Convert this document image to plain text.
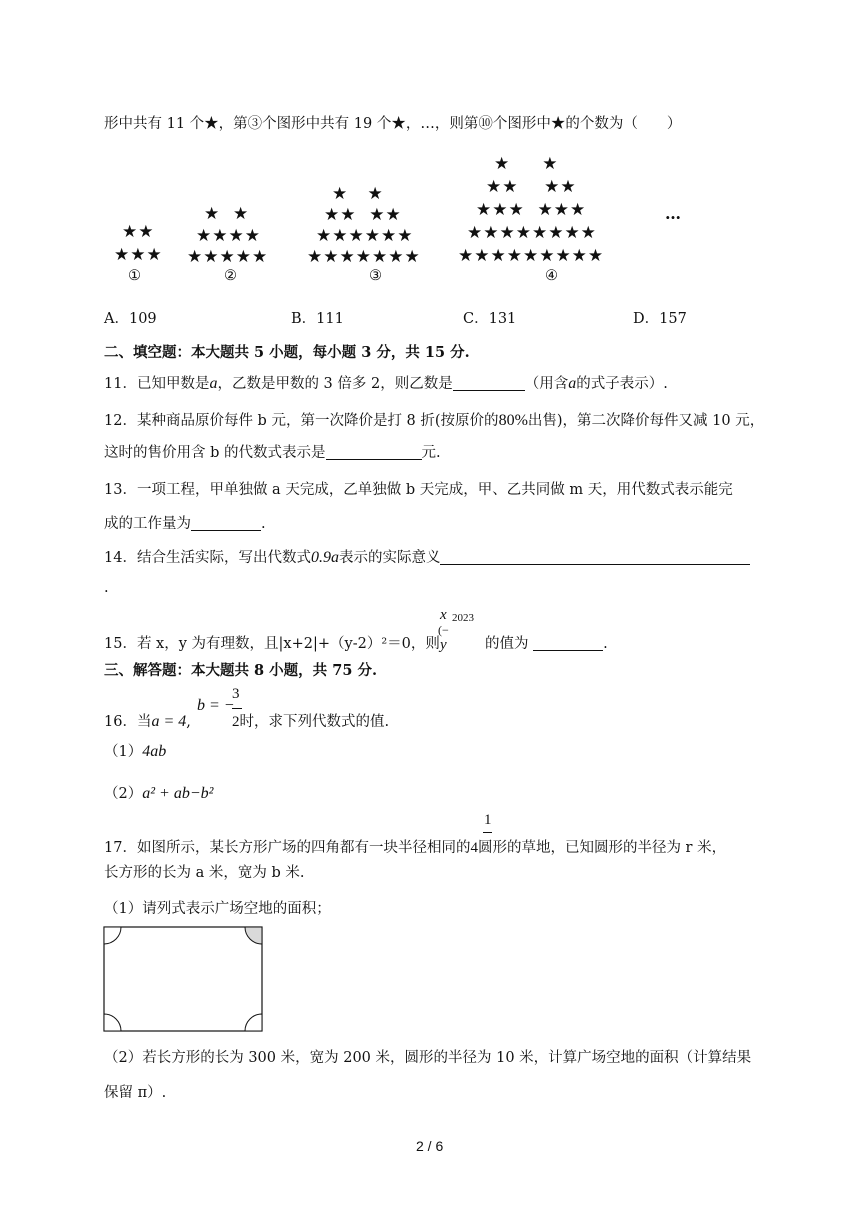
形中共有 11 个★，第③个图形中共有 19 个★，…，则第⑩个图形中★的个数为（　　）
★★
★★★
①
★  ★
★★★★
★★★★★
②
★   ★
★★  ★★
★★★★★★
★★★★★★★
③
★     ★
★★    ★★
★★★  ★★★
★★★★★★★★
★★★★★★★★★
④
…
A．109	B．111	C．131	D．157
二、填空题：本大题共 5 小题，每小题 3 分，共 15 分.
11．已知甲数是a，乙数是甲数的 3 倍多 2，则乙数是	（用含a的式子表示）.
12．某种商品原价每件 b 元，第一次降价是打 8 折(按原价的80%出售)，第二次降价每件又减 10 元，
这时的售价用含 b 的代数式表示是	元.
13．一项工程，甲单独做 a 天完成，乙单独做 b 天完成，甲、乙共同做 m 天，用代数式表示能完
成的工作量为	.
14．结合生活实际，写出代数式0.9a表示的实际意义
.
15．若 x，y 为有理数，且|x+2|+（y-2）²＝0，则
x
(−
y
2023
的值为	.
三、解答题：本大题共 8 小题，共 75 分.
16．当a = 4,
b = −
3
2时，求下列代数式的值.
（1）4ab
（2）a² + ab−b²
1
17．如图所示，某长方形广场的四角都有一块半径相同的4圆形的草地，已知圆形的半径为 r 米，
长方形的长为 a 米，宽为 b 米.
（1）请列式表示广场空地的面积；
（2）若长方形的长为 300 米，宽为 200 米，圆形的半径为 10 米，计算广场空地的面积（计算结果
保留 π）.
2 / 6
